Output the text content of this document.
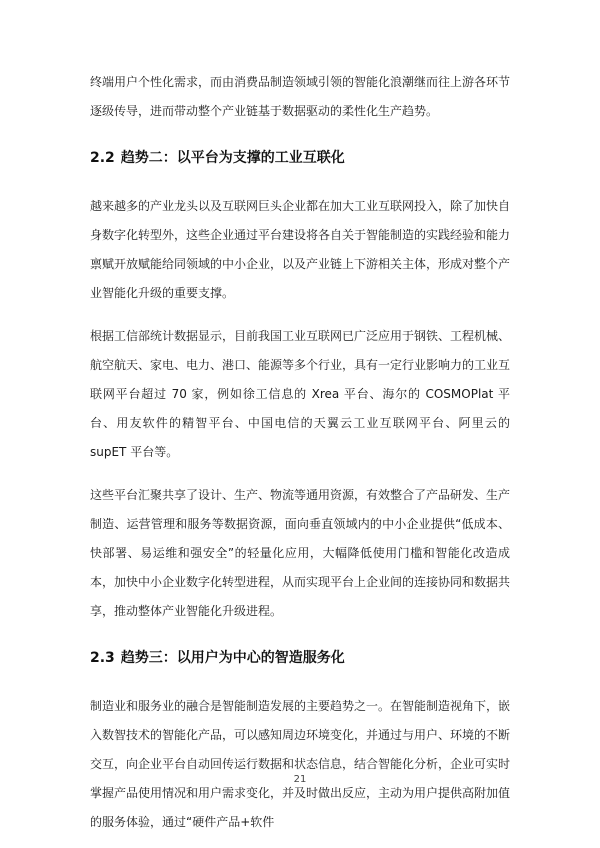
终端用户个性化需求，而由消费品制造领域引领的智能化浪潮继而往上游各环节逐级传导，进而带动整个产业链基于数据驱动的柔性化生产趋势。

2.2 趋势二：以平台为支撑的工业互联化

越来越多的产业龙头以及互联网巨头企业都在加大工业互联网投入，除了加快自身数字化转型外，这些企业通过平台建设将各自关于智能制造的实践经验和能力禀赋开放赋能给同领域的中小企业，以及产业链上下游相关主体，形成对整个产业智能化升级的重要支撑。

根据工信部统计数据显示，目前我国工业互联网已广泛应用于钢铁、工程机械、航空航天、家电、电力、港口、能源等多个行业，具有一定行业影响力的工业互联网平台超过 70 家，例如徐工信息的 Xrea 平台、海尔的 COSMOPlat 平台、用友软件的精智平台、中国电信的天翼云工业互联网平台、阿里云的 supET 平台等。

这些平台汇聚共享了设计、生产、物流等通用资源，有效整合了产品研发、生产制造、运营管理和服务等数据资源，面向垂直领域内的中小企业提供“低成本、快部署、易运维和强安全”的轻量化应用，大幅降低使用门槛和智能化改造成本，加快中小企业数字化转型进程，从而实现平台上企业间的连接协同和数据共享，推动整体产业智能化升级进程。

2.3 趋势三：以用户为中心的智造服务化

制造业和服务业的融合是智能制造发展的主要趋势之一。在智能制造视角下，嵌入数智技术的智能化产品，可以感知周边环境变化，并通过与用户、环境的不断交互，向企业平台自动回传运行数据和状态信息，结合智能化分析，企业可实时掌握产品使用情况和用户需求变化，并及时做出反应，主动为用户提供高附加值的服务体验，通过“硬件产品+软件

21
